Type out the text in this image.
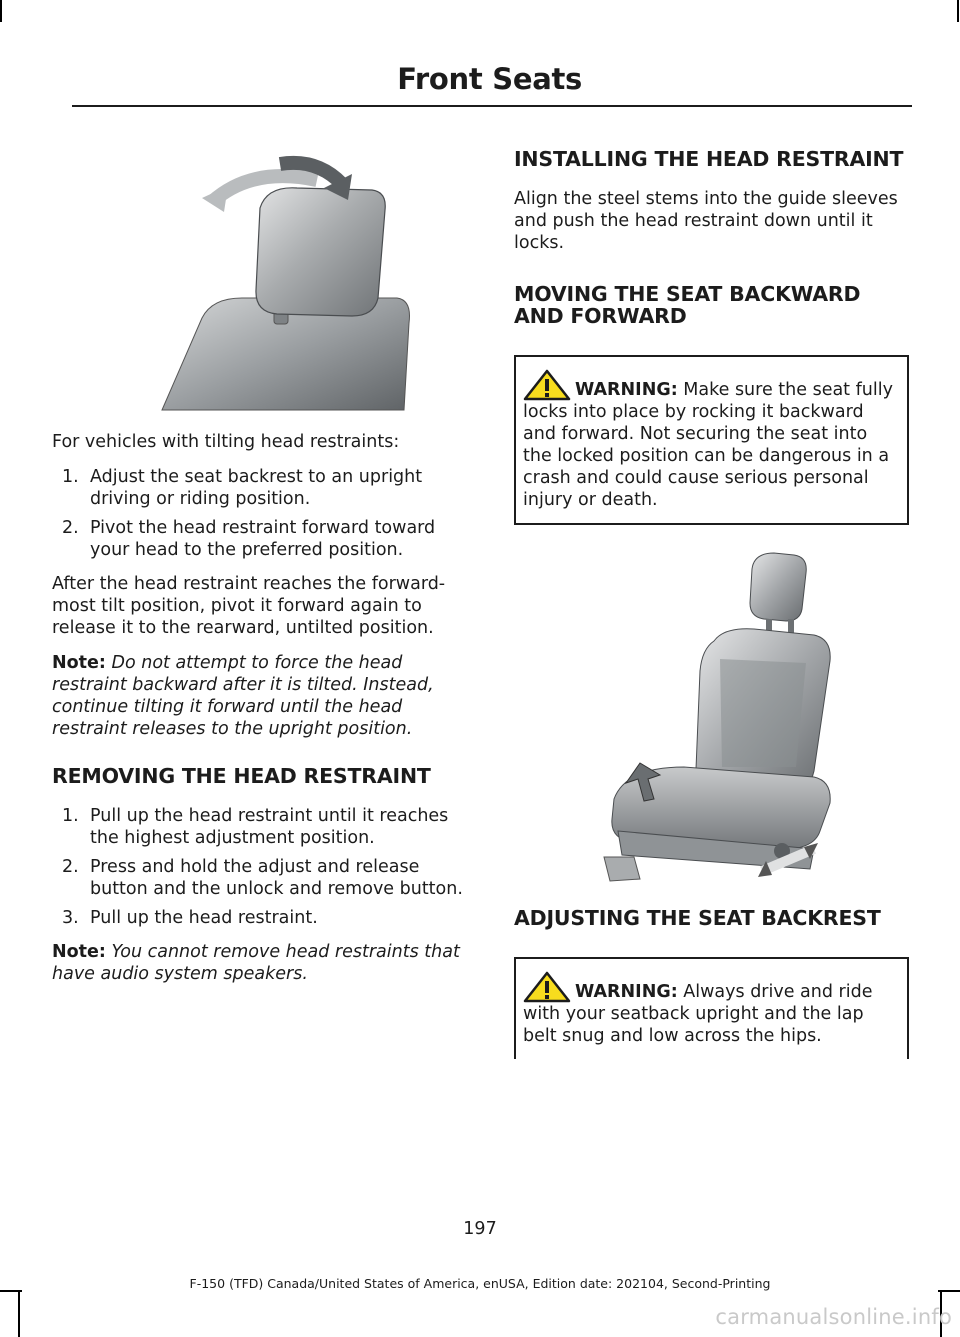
Front Seats

For vehicles with tilting head restraints:

1. Adjust the seat backrest to an upright driving or riding position.
2. Pivot the head restraint forward toward your head to the preferred position.

After the head restraint reaches the forward-most tilt position, pivot it forward again to release it to the rearward, untilted position.

Note: Do not attempt to force the head restraint backward after it is tilted. Instead, continue tilting it forward until the head restraint releases to the upright position.

REMOVING THE HEAD RESTRAINT
1. Pull up the head restraint until it reaches the highest adjustment position.
2. Press and hold the adjust and release button and the unlock and remove button.
3. Pull up the head restraint.

Note: You cannot remove head restraints that have audio system speakers.

INSTALLING THE HEAD RESTRAINT

Align the steel stems into the guide sleeves and push the head restraint down until it locks.

MOVING THE SEAT BACKWARD AND FORWARD

WARNING: Make sure the seat fully locks into place by rocking it backward and forward. Not securing the seat into the locked position can be dangerous in a crash and could cause serious personal injury or death.

ADJUSTING THE SEAT BACKREST

WARNING: Always drive and ride with your seatback upright and the lap belt snug and low across the hips.

197
F-150 (TFD) Canada/United States of America, enUSA, Edition date: 202104, Second-Printing
carmanualsonline.info
